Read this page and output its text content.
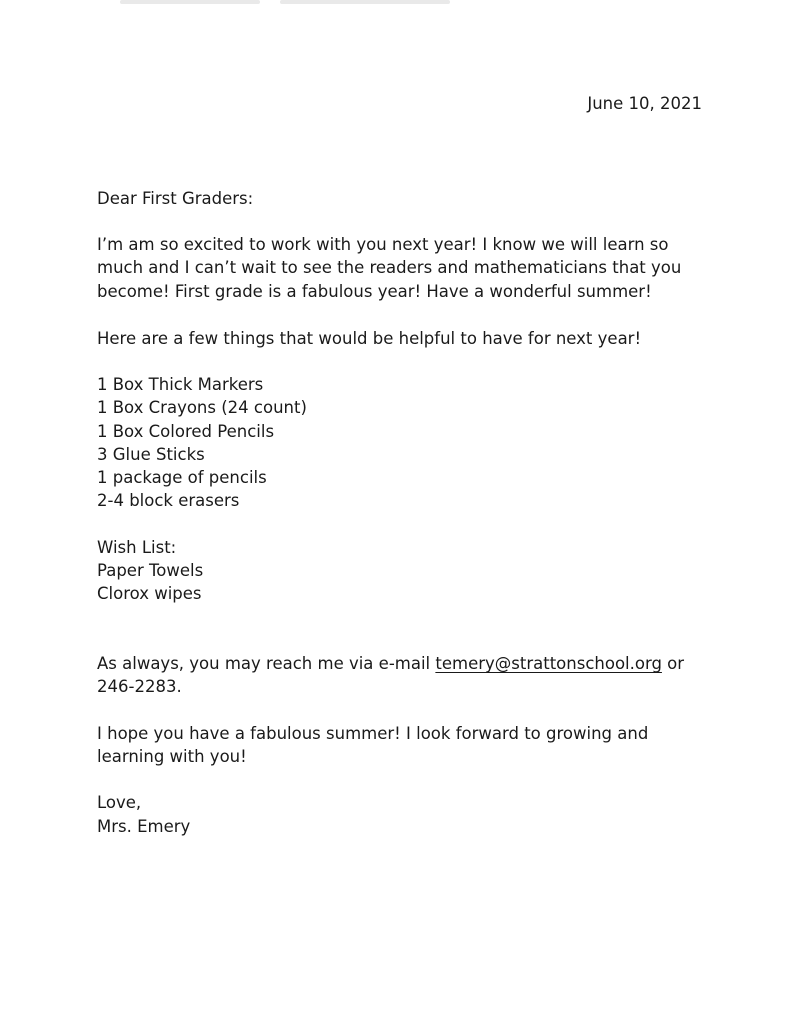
June 10, 2021
Dear First Graders:

I’m am so excited to work with you next year! I know we will learn so

much and I can’t wait to see the readers and mathematicians that you

become! First grade is a fabulous year! Have a wonderful summer!

Here are a few things that would be helpful to have for next year!
1 Box Thick Markers
1 Box Crayons (24 count)
1 Box Colored Pencils
3 Glue Sticks
1 package of pencils
2-4 block erasers
Wish List:
Paper Towels
Clorox wipes
As always, you may reach me via e-mail temery@strattonschool.org or
246-2283.
I hope you have a fabulous summer! I look forward to growing and
learning with you!
Love,
Mrs. Emery
